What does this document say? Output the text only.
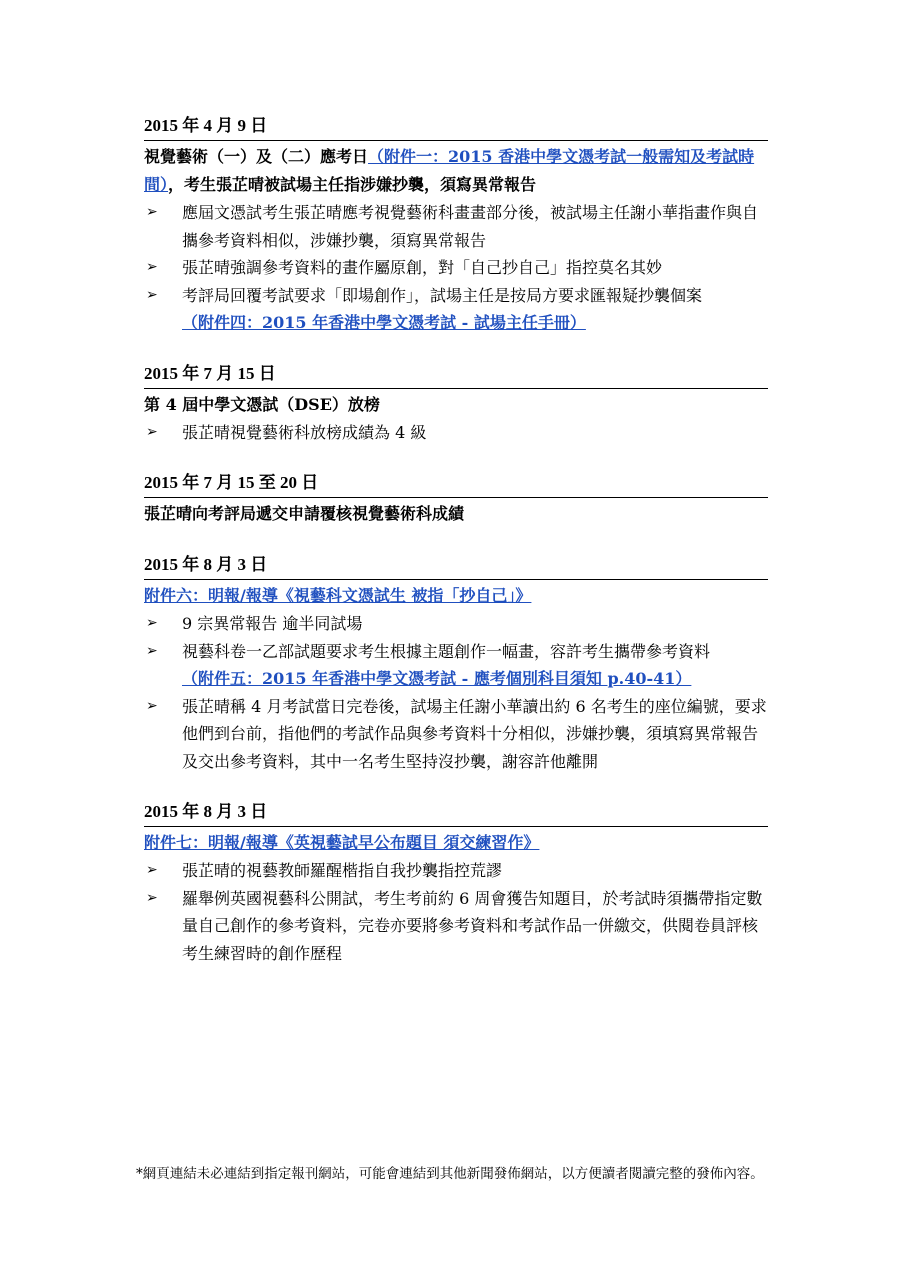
2015 年 4 月 9 日
視覺藝術（一）及（二）應考日（附件一：2015 香港中學文憑考試一般需知及考試時間），考生張芷晴被試場主任指涉嫌抄襲，須寫異常報告
➢ 應屆文憑試考生張芷晴應考視覺藝術科畫畫部分後，被試場主任謝小華指畫作與自攜參考資料相似，涉嫌抄襲，須寫異常報告
➢ 張芷晴強調參考資料的畫作屬原創，對「自己抄自己」指控莫名其妙
➢ 考評局回覆考試要求「即場創作」，試場主任是按局方要求匯報疑抄襲個案
（附件四：2015 年香港中學文憑考試 - 試場主任手冊）
2015 年 7 月 15 日
第 4 屆中學文憑試（DSE）放榜
➢ 張芷晴視覺藝術科放榜成績為 4 級
2015 年 7 月 15 至 20 日
張芷晴向考評局遞交申請覆核視覺藝術科成績
2015 年 8 月 3 日
附件六：明報/報導《視藝科文憑試生 被指「抄自己」》
➢ 9 宗異常報告 逾半同試場
➢ 視藝科卷一乙部試題要求考生根據主題創作一幅畫，容許考生攜帶參考資料
（附件五：2015 年香港中學文憑考試 - 應考個別科目須知 p.40-41）
➢ 張芷晴稱 4 月考試當日完卷後，試場主任謝小華讀出約 6 名考生的座位編號，要求他們到台前，指他們的考試作品與參考資料十分相似，涉嫌抄襲，須填寫異常報告及交出參考資料，其中一名考生堅持沒抄襲，謝容許他離開
2015 年 8 月 3 日
附件七：明報/報導《英視藝試早公布題目 須交練習作》
➢ 張芷晴的視藝教師羅醒楷指自我抄襲指控荒謬
➢ 羅舉例英國視藝科公開試，考生考前約 6 周會獲告知題目，於考試時須攜帶指定數量自己創作的參考資料，完卷亦要將參考資料和考試作品一併繳交，供閱卷員評核考生練習時的創作歷程
*網頁連結未必連結到指定報刊網站，可能會連結到其他新聞發佈網站，以方便讀者閱讀完整的發佈內容。
